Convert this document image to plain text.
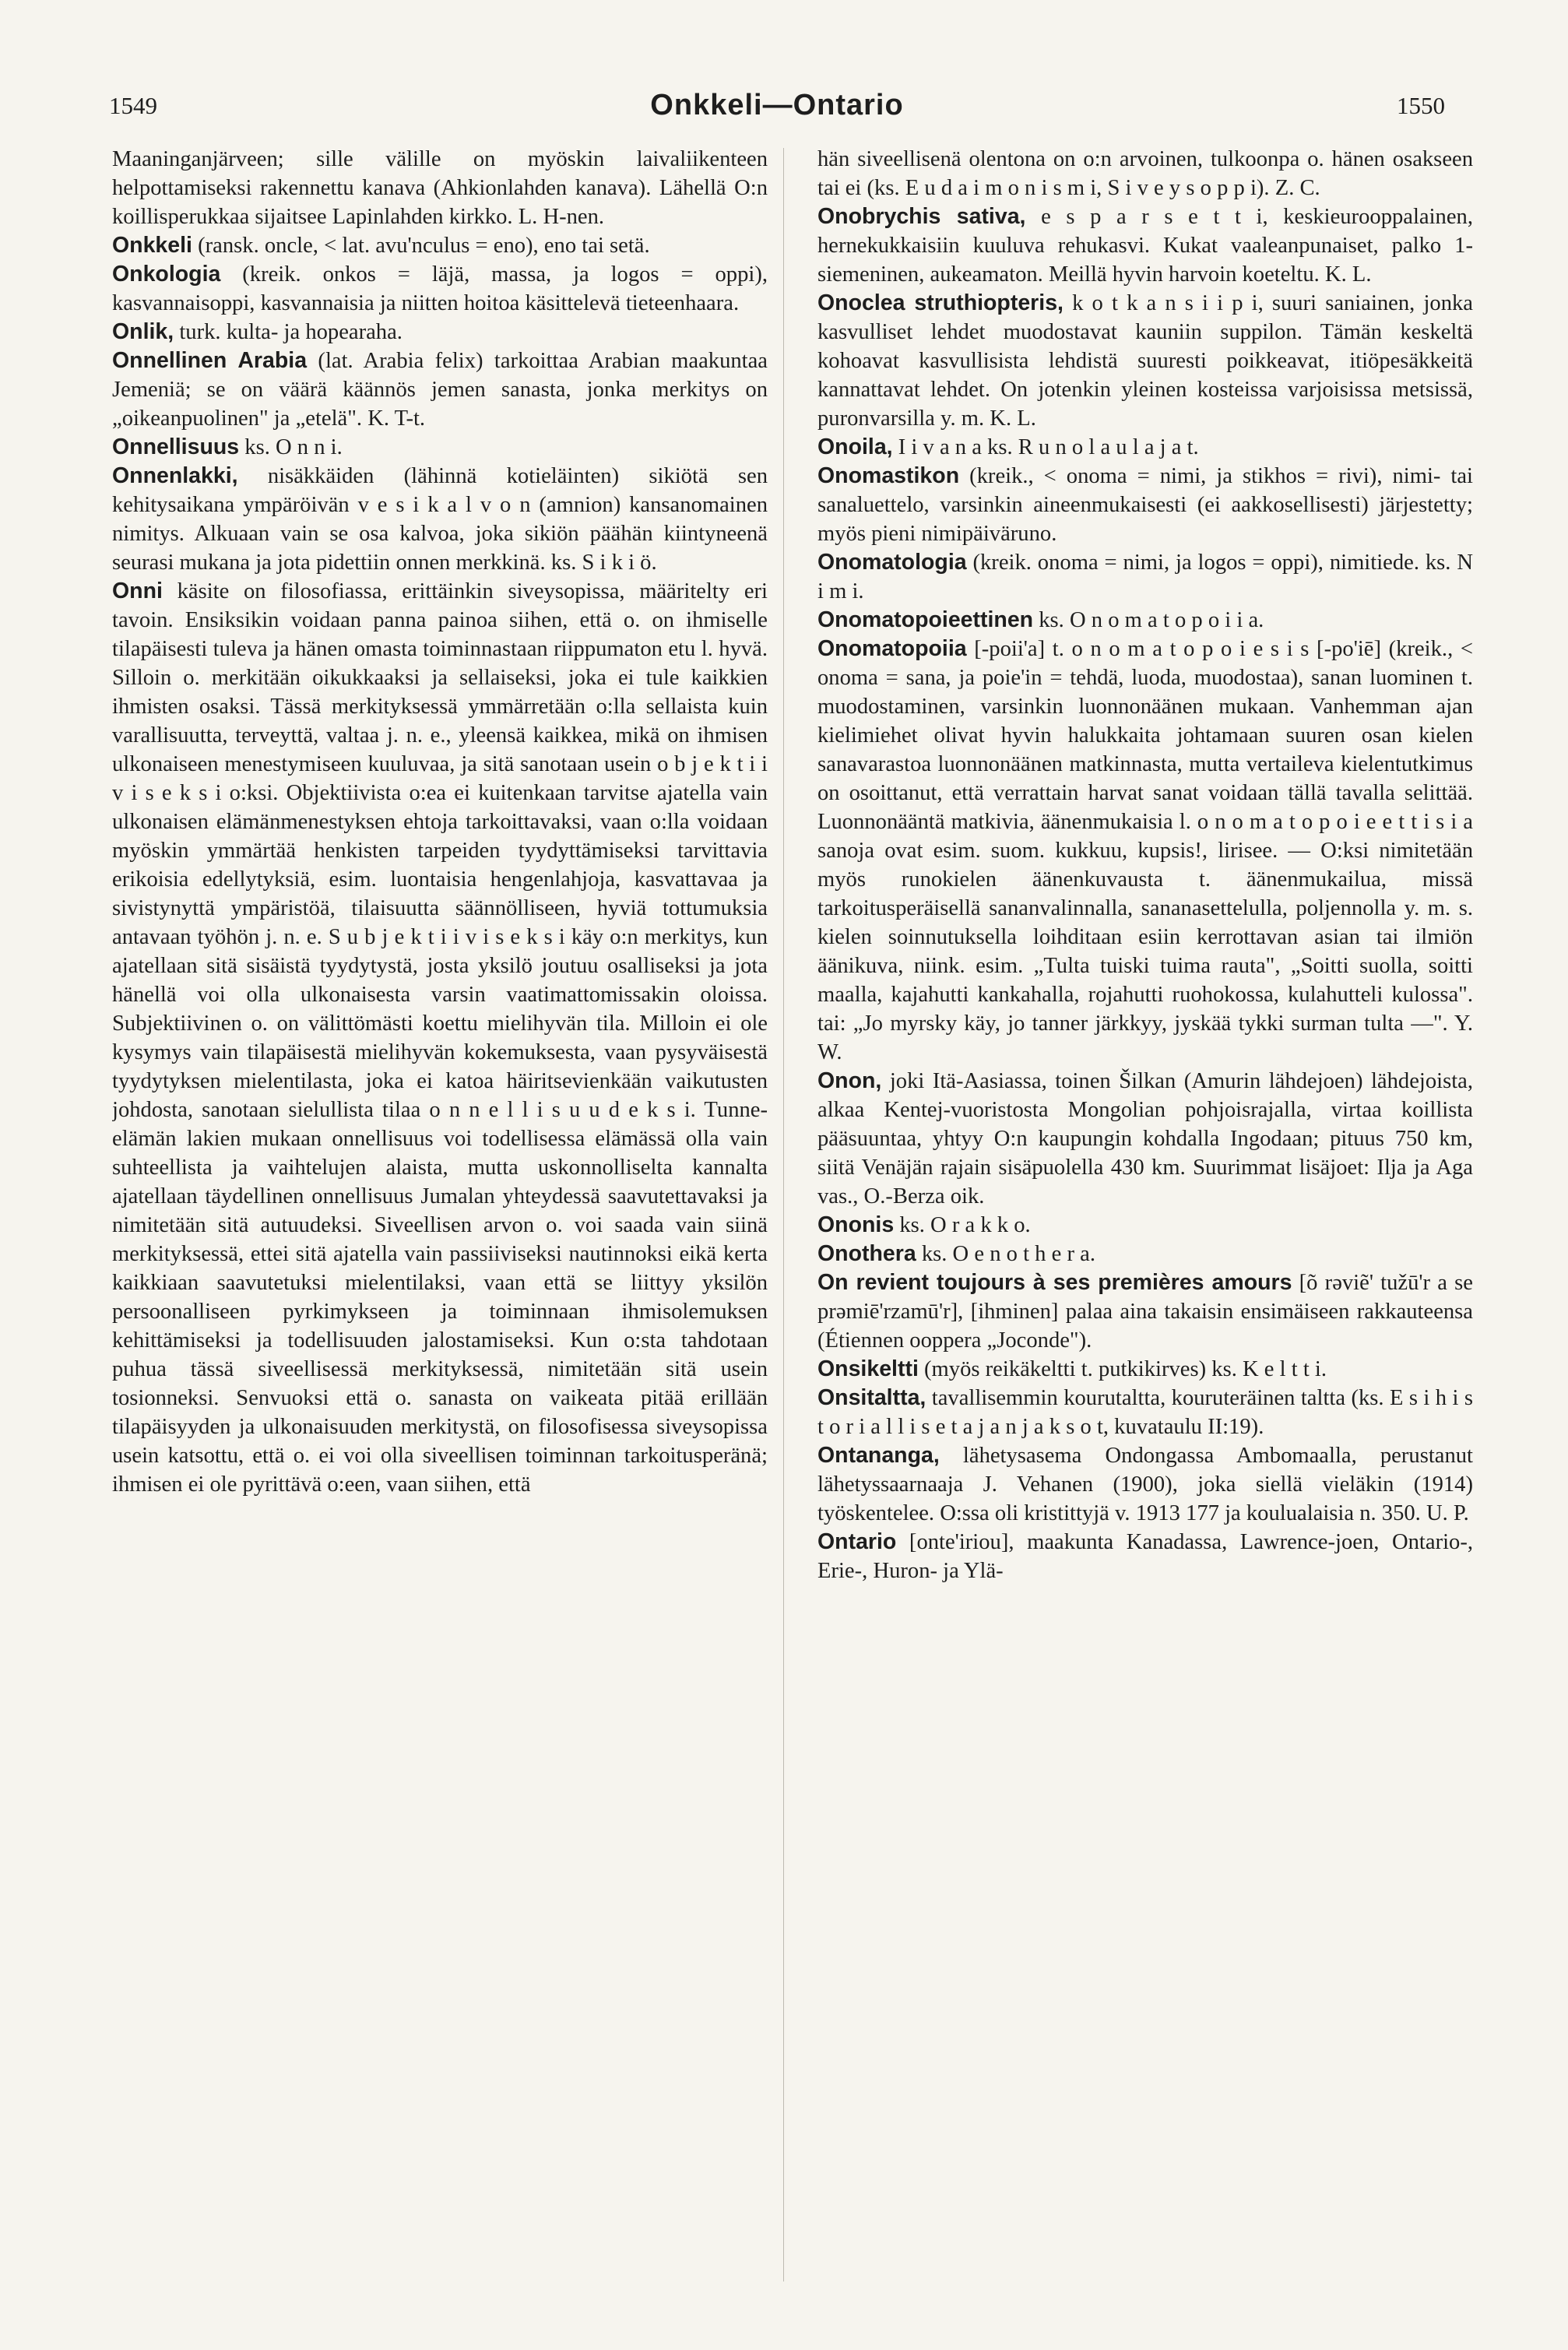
1549	Onkkeli—Ontario	1550

Maaninganjärveen; sille välille on myöskin laivaliikenteen helpottamiseksi rakennettu kanava (Ahkionlahden kanava). Lähellä O:n koillisperukkaa sijaitsee Lapinlahden kirkko. L. H-nen.

Onkkeli (ransk. oncle, < lat. avu'nculus = eno), eno tai setä.

Onkologia (kreik. onkos = läjä, massa, ja logos = oppi), kasvannaisoppi, kasvannaisia ja niitten hoitoa käsittelevä tieteenhaara.

Onlik, turk. kulta- ja hopearaha.

Onnellinen Arabia (lat. Arabia felix) tarkoittaa Arabian maakuntaa Jemeniä; se on väärä käännös jemen sanasta, jonka merkitys on „oikeanpuolinen" ja „etelä". K. T-t.

Onnellisuus ks. O n n i.

Onnenlakki, nisäkkäiden (lähinnä kotieläinten) sikiötä sen kehitysaikana ympäröivän v e s i k a l v o n (amnion) kansanomainen nimitys. Alkuaan vain se osa kalvoa, joka sikiön päähän kiintyneenä seurasi mukana ja jota pidettiin onnen merkkinä. ks. S i k i ö.

Onni käsite on filosofiassa, erittäinkin siveysopissa, määritelty eri tavoin. Ensiksikin voidaan panna painoa siihen, että o. on ihmiselle tilapäisesti tuleva ja hänen omasta toiminnastaan riippumaton etu l. hyvä. Silloin o. merkitään oikukkaaksi ja sellaiseksi, joka ei tule kaikkien ihmisten osaksi. Tässä merkityksessä ymmärretään o:lla sellaista kuin varallisuutta, terveyttä, valtaa j. n. e., yleensä kaikkea, mikä on ihmisen ulkonaiseen menestymiseen kuuluvaa, ja sitä sanotaan usein o b j e k t i i v i s e k s i o:ksi. Objektiivista o:ea ei kuitenkaan tarvitse ajatella vain ulkonaisen elämänmenestyksen ehtoja tarkoittavaksi, vaan o:lla voidaan myöskin ymmärtää henkisten tarpeiden tyydyttämiseksi tarvittavia erikoisia edellytyksiä, esim. luontaisia hengenlahjoja, kasvattavaa ja sivistynyttä ympäristöä, tilaisuutta säännölliseen, hyviä tottumuksia antavaan työhön j. n. e. S u b j e k t i i v i s e k s i käy o:n merkitys, kun ajatellaan sitä sisäistä tyydytystä, josta yksilö joutuu osalliseksi ja jota hänellä voi olla ulkonaisesta varsin vaatimattomissakin oloissa. Subjektiivinen o. on välittömästi koettu mielihyvän tila. Milloin ei ole kysymys vain tilapäisestä mielihyvän kokemuksesta, vaan pysyväisestä tyydytyksen mielentilasta, joka ei katoa häiritsevienkään vaikutusten johdosta, sanotaan sielullista tilaa o n n e l l i s u u d e k s i. Tunne-elämän lakien mukaan onnellisuus voi todellisessa elämässä olla vain suhteellista ja vaihtelujen alaista, mutta uskonnolliselta kannalta ajatellaan täydellinen onnellisuus Jumalan yhteydessä saavutettavaksi ja nimitetään sitä autuudeksi. Siveellisen arvon o. voi saada vain siinä merkityksessä, ettei sitä ajatella vain passiiviseksi nautinnoksi eikä kerta kaikkiaan saavutetuksi mielentilaksi, vaan että se liittyy yksilön persoonalliseen pyrkimykseen ja toiminnaan ihmisolemuksen kehittämiseksi ja todellisuuden jalostamiseksi. Kun o:sta tahdotaan puhua tässä siveellisessä merkityksessä, nimitetään sitä usein tosionneksi. Senvuoksi että o. sanasta on vaikeata pitää erillään tilapäisyyden ja ulkonaisuuden merkitystä, on filosofisessa siveysopissa usein katsottu, että o. ei voi olla siveellisen toiminnan tarkoitusperänä; ihmisen ei ole pyrittävä o:een, vaan siihen, että

hän siveellisenä olentona on o:n arvoinen, tulkoonpa o. hänen osakseen tai ei (ks. E u d a i m o n i s m i, S i v e y s o p p i). Z. C.

Onobrychis sativa, e s p a r s e t t i, keskieurooppalainen, hernekukkaisiin kuuluva rehukasvi. Kukat vaaleanpunaiset, palko 1-siemeninen, aukeamaton. Meillä hyvin harvoin koeteltu. K. L.

Onoclea struthiopteris, k o t k a n s i i p i, suuri saniainen, jonka kasvulliset lehdet muodostavat kauniin suppilon. Tämän keskeltä kohoavat kasvullisista lehdistä suuresti poikkeavat, itiöpesäkkeitä kannattavat lehdet. On jotenkin yleinen kosteissa varjoisissa metsissä, puronvarsilla y. m. K. L.

Onoila, I i v a n a ks. R u n o l a u l a j a t.

Onomastikon (kreik., < onoma = nimi, ja stikhos = rivi), nimi- tai sanaluettelo, varsinkin aineenmukaisesti (ei aakkosellisesti) järjestetty; myös pieni nimipäiväruno.

Onomatologia (kreik. onoma = nimi, ja logos = oppi), nimitiede. ks. N i m i.

Onomatopoieettinen ks. O n o m a t o p o i i a.

Onomatopoiia [-poii'a] t. o n o m a t o p o i e s i s [-po'iē] (kreik., < onoma = sana, ja poie'in = tehdä, luoda, muodostaa), sanan luominen t. muodostaminen, varsinkin luonnonäänen mukaan. Vanhemman ajan kielimiehet olivat hyvin halukkaita johtamaan suuren osan kielen sanavarastoa luonnonäänen matkinnasta, mutta vertaileva kielentutkimus on osoittanut, että verrattain harvat sanat voidaan tällä tavalla selittää. Luonnonääntä matkivia, äänenmukaisia l. o n o m a t o p o i e e t t i s i a sanoja ovat esim. suom. kukkuu, kupsis!, lirisee. — O:ksi nimitetään myös runokielen äänenkuvausta t. äänenmukailua, missä tarkoitusperäisellä sananvalinnalla, sananasettelulla, poljennolla y. m. s. kielen soinnutuksella loihditaan esiin kerrottavan asian tai ilmiön äänikuva, niink. esim. „Tulta tuiski tuima rauta", „Soitti suolla, soitti maalla, kajahutti kankahalla, rojahutti ruohokossa, kulahutteli kulossa". tai: „Jo myrsky käy, jo tanner järkkyy, jyskää tykki surman tulta —". Y. W.

Onon, joki Itä-Aasiassa, toinen Šilkan (Amurin lähdejoen) lähdejoista, alkaa Kentej-vuoristosta Mongolian pohjoisrajalla, virtaa koillista pääsuuntaa, yhtyy O:n kaupungin kohdalla Ingodaan; pituus 750 km, siitä Venäjän rajain sisäpuolella 430 km. Suurimmat lisäjoet: Ilja ja Aga vas., O.-Berza oik.

Ononis ks. O r a k k o.

Onothera ks. O e n o t h e r a.

On revient toujours à ses premières amours [õ rəviẽ' tužū'r a se prəmiē'rzamū'r], [ihminen] palaa aina takaisin ensimäiseen rakkauteensa (Étiennen ooppera „Joconde").

Onsikeltti (myös reikäkeltti t. putkikirves) ks. K e l t t i.

Onsitaltta, tavallisemmin kourutaltta, kouruteräinen taltta (ks. E s i h i s t o r i a l l i s e t a j a n j a k s o t, kuvataulu II:19).

Ontananga, lähetysasema Ondongassa Ambomaalla, perustanut lähetyssaarnaaja J. Vehanen (1900), joka siellä vieläkin (1914) työskentelee. O:ssa oli kristittyjä v. 1913 177 ja koulualaisia n. 350. U. P.

Ontario [onte'iriou], maakunta Kanadassa, Lawrence-joen, Ontario-, Erie-, Huron- ja Ylä-
